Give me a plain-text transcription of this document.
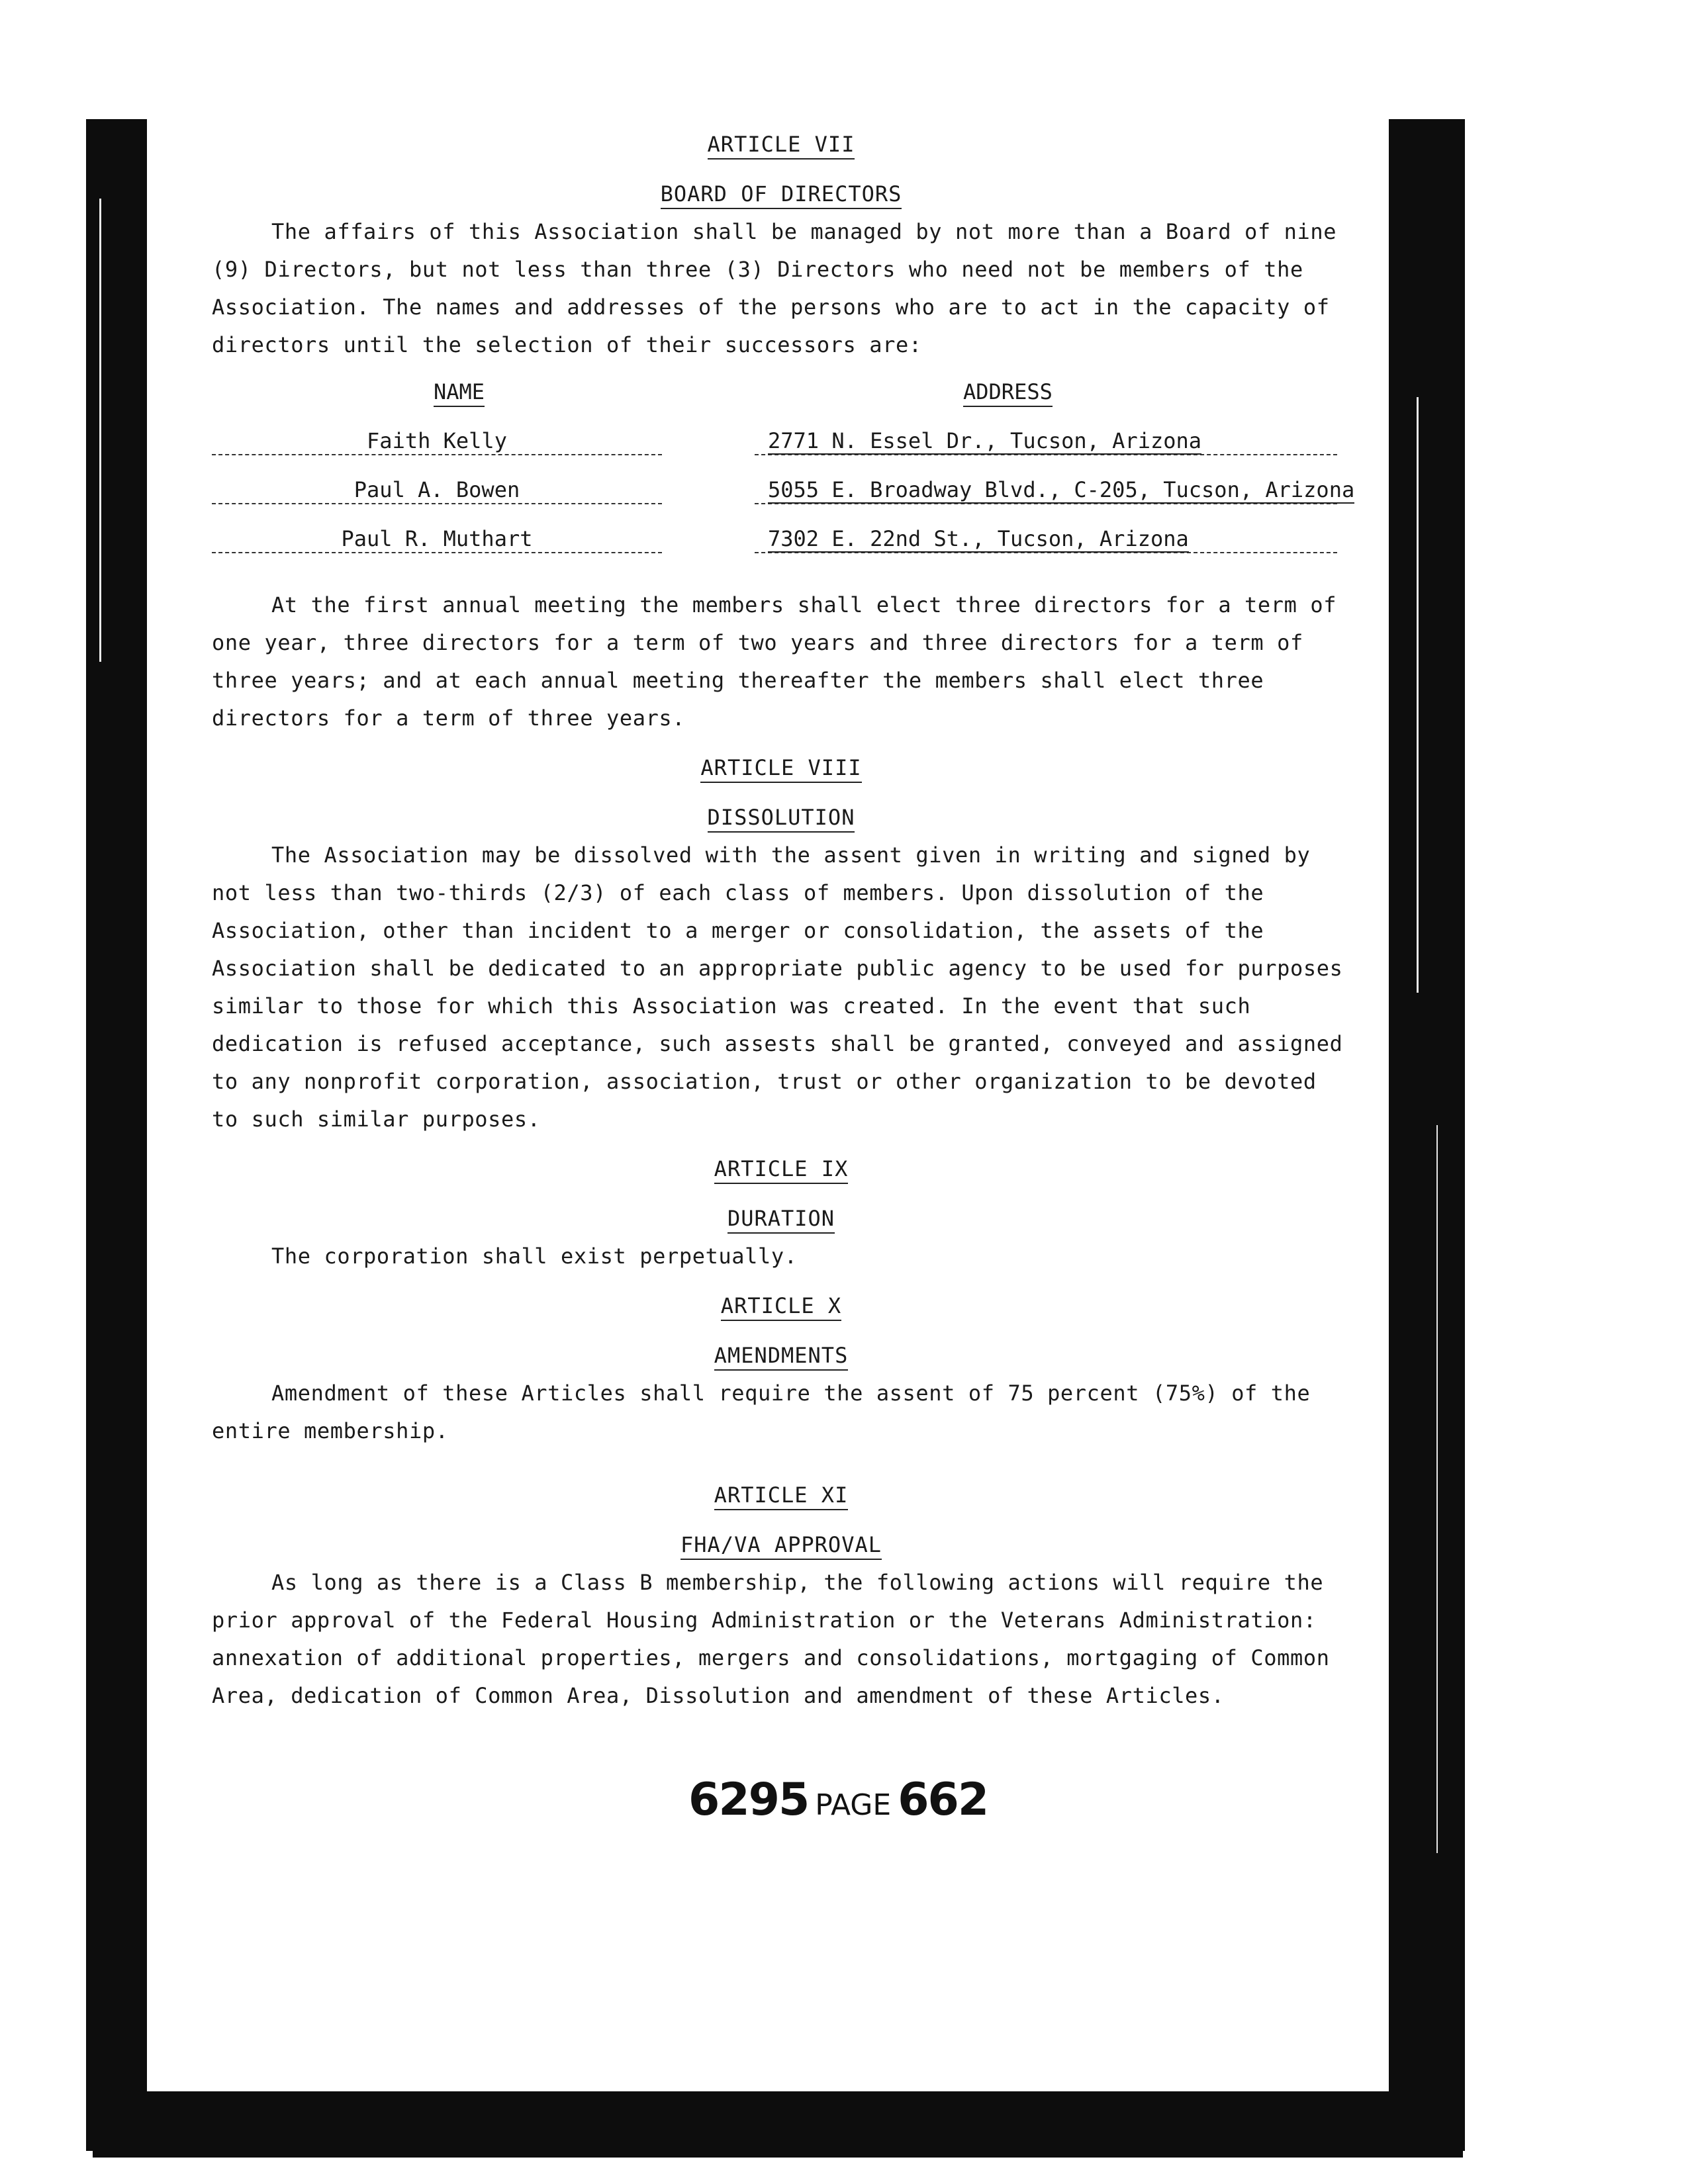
ARTICLE VII
BOARD OF DIRECTORS

The affairs of this Association shall be managed by not more than a Board of nine (9) Directors, but not less than three (3) Directors who need not be members of the Association. The names and addresses of the persons who are to act in the capacity of directors until the selection of their successors are:

NAME	ADDRESS
Faith Kelly	2771 N. Essel Dr., Tucson, Arizona
Paul A. Bowen	5055 E. Broadway Blvd., C-205, Tucson, Arizona
Paul R. Muthart	7302 E. 22nd St., Tucson, Arizona

At the first annual meeting the members shall elect three directors for a term of one year, three directors for a term of two years and three directors for a term of three years; and at each annual meeting thereafter the members shall elect three directors for a term of three years.

ARTICLE VIII
DISSOLUTION

The Association may be dissolved with the assent given in writing and signed by not less than two-thirds (2/3) of each class of members. Upon dissolution of the Association, other than incident to a merger or consolidation, the assets of the Association shall be dedicated to an appropriate public agency to be used for purposes similar to those for which this Association was created. In the event that such dedication is refused acceptance, such assests shall be granted, conveyed and assigned to any nonprofit corporation, association, trust or other organization to be devoted to such similar purposes.

ARTICLE IX
DURATION

The corporation shall exist perpetually.

ARTICLE X
AMENDMENTS

Amendment of these Articles shall require the assent of 75 percent (75%) of the entire membership.

ARTICLE XI
FHA/VA APPROVAL

As long as there is a Class B membership, the following actions will require the prior approval of the Federal Housing Administration or the Veterans Administration: annexation of additional properties, mergers and consolidations, mortgaging of Common Area, dedication of Common Area, Dissolution and amendment of these Articles.

6295 PAGE 662
